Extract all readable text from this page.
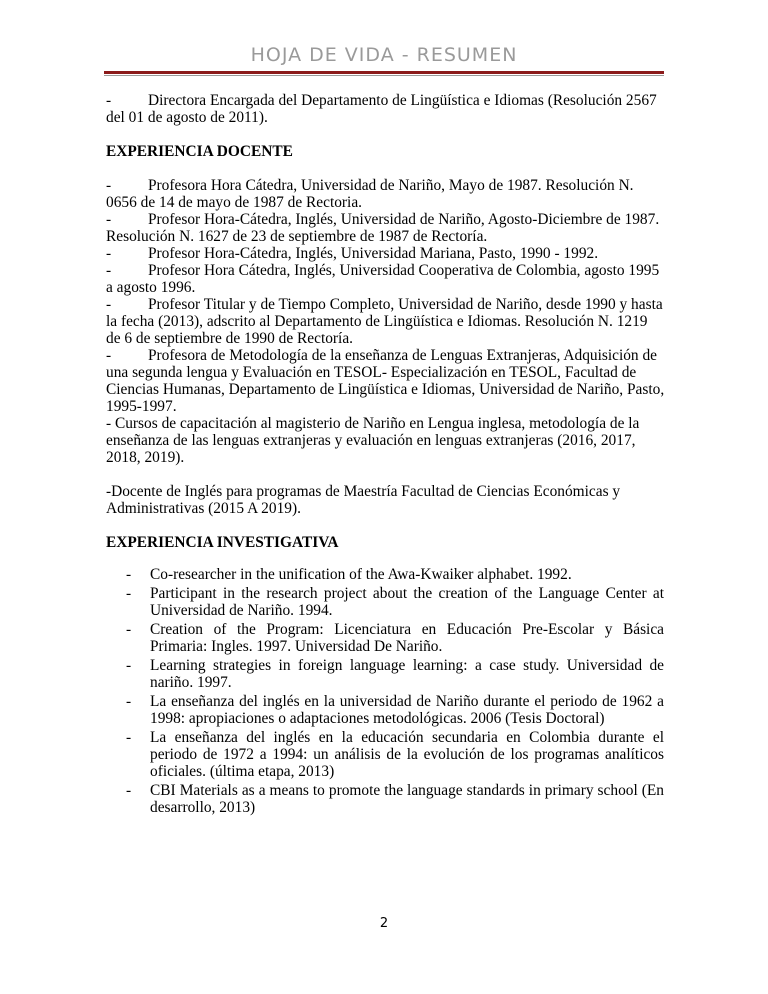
HOJA DE VIDA - RESUMEN
- Directora Encargada del Departamento de Lingüística e Idiomas (Resolución 2567
del 01 de agosto de 2011).
EXPERIENCIA DOCENTE
- Profesora Hora Cátedra, Universidad de Nariño, Mayo de 1987. Resolución N.
0656 de 14 de mayo de 1987 de Rectoria.
- Profesor Hora-Cátedra, Inglés, Universidad de Nariño, Agosto-Diciembre de 1987.
Resolución N. 1627 de 23 de septiembre de 1987 de Rectoría.
- Profesor Hora-Cátedra, Inglés, Universidad Mariana, Pasto, 1990 - 1992.
- Profesor Hora Cátedra, Inglés, Universidad Cooperativa de Colombia, agosto 1995
a agosto 1996.
- Profesor Titular y de Tiempo Completo, Universidad de Nariño, desde 1990 y hasta
la fecha (2013), adscrito al Departamento de Lingüística e Idiomas. Resolución N. 1219
de 6 de septiembre de 1990 de Rectoría.
- Profesora de Metodología de la enseñanza de Lenguas Extranjeras, Adquisición de
una segunda lengua y Evaluación en TESOL- Especialización en TESOL, Facultad de
Ciencias Humanas, Departamento de Lingüística e Idiomas, Universidad de Nariño, Pasto,
1995-1997.
- Cursos de capacitación al magisterio de Nariño en Lengua inglesa, metodología de la
enseñanza de las lenguas extranjeras y evaluación en lenguas extranjeras (2016, 2017,
2018, 2019).
-Docente de Inglés para programas de Maestría Facultad de Ciencias Económicas y
Administrativas (2015 A 2019).
EXPERIENCIA INVESTIGATIVA
- Co-researcher in the unification of the Awa-Kwaiker alphabet. 1992.
- Participant in the research project about the creation of the Language Center at Universidad de Nariño. 1994.
- Creation of the Program: Licenciatura en Educación Pre-Escolar y Básica Primaria: Ingles. 1997. Universidad De Nariño.
- Learning strategies in foreign language learning: a case study. Universidad de nariño. 1997.
- La enseñanza del inglés en la universidad de Nariño durante el periodo de 1962 a 1998: apropiaciones o adaptaciones metodológicas. 2006 (Tesis Doctoral)
- La enseñanza del inglés en la educación secundaria en Colombia durante el periodo de 1972 a 1994: un análisis de la evolución de los programas analíticos oficiales. (última etapa, 2013)
- CBI Materials as a means to promote the language standards in primary school (En desarrollo, 2013)
2
